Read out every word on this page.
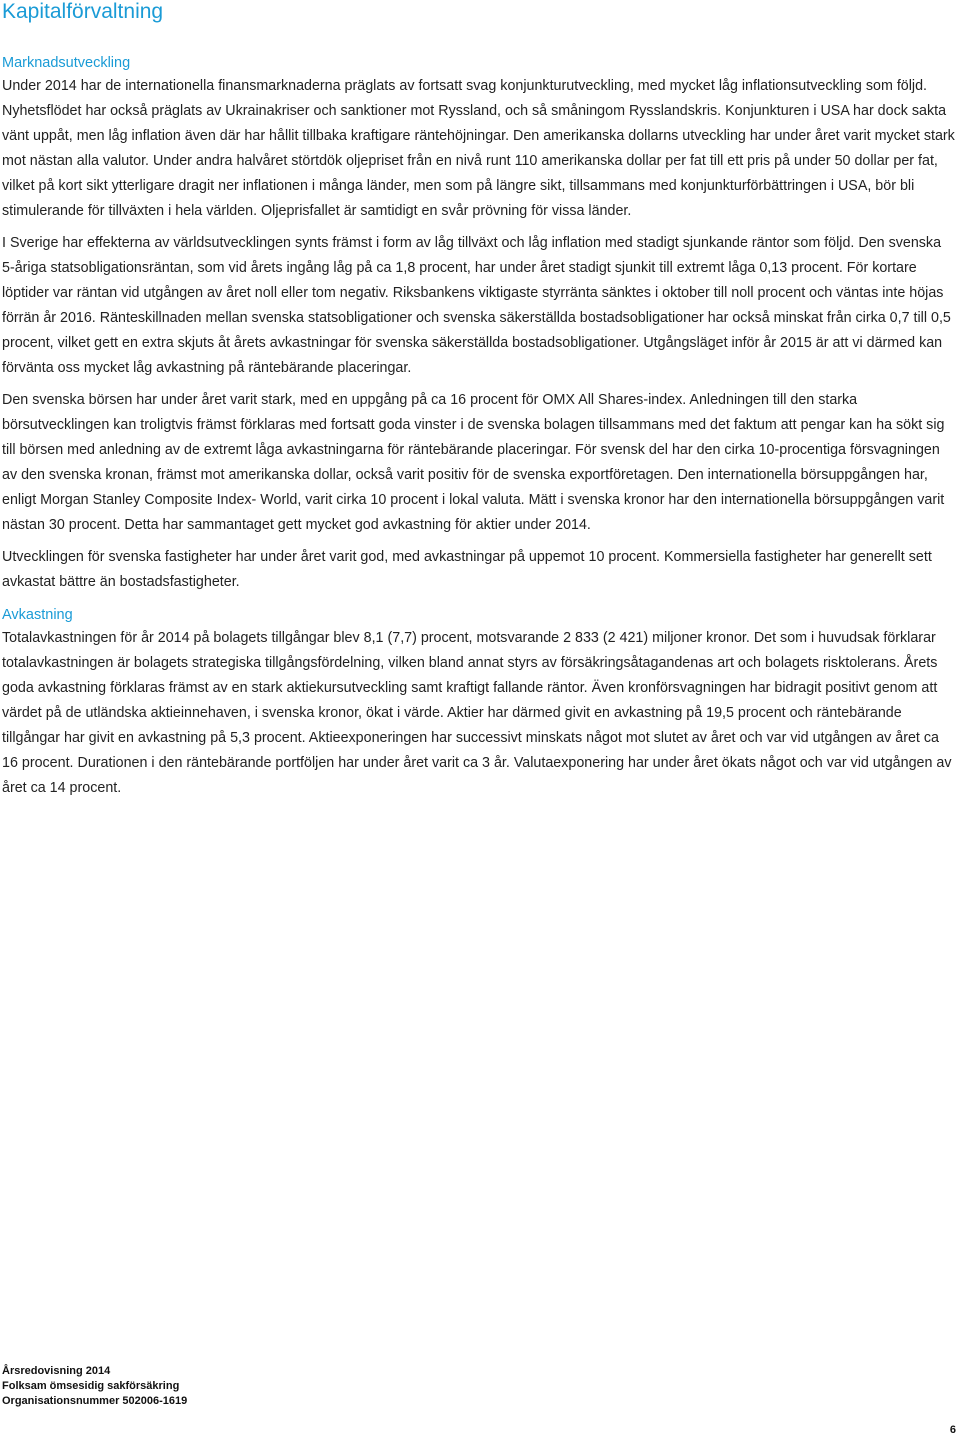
Kapitalförvaltning
Marknadsutveckling

Under 2014 har de internationella finansmarknaderna präglats av fortsatt svag konjunkturutveckling, med mycket låg inflationsutveckling som följd. Nyhetsflödet har också präglats av Ukrainakriser och sanktioner mot Ryssland, och så småningom Rysslandskris. Konjunkturen i USA har dock sakta vänt uppåt, men låg inflation även där har hållit tillbaka kraftigare räntehöjningar. Den amerikanska dollarns utveckling har under året varit mycket stark mot nästan alla valutor. Under andra halvåret störtdök oljepriset från en nivå runt 110 amerikanska dollar per fat till ett pris på under 50 dollar per fat, vilket på kort sikt ytterligare dragit ner inflationen i många länder, men som på längre sikt, tillsammans med konjunkturförbättringen i USA, bör bli stimulerande för tillväxten i hela världen. Oljeprisfallet är samtidigt en svår prövning för vissa länder.

I Sverige har effekterna av världsutvecklingen synts främst i form av låg tillväxt och låg inflation med stadigt sjunkande räntor som följd. Den svenska 5-åriga statsobligationsräntan, som vid årets ingång låg på ca 1,8 procent, har under året stadigt sjunkit till extremt låga 0,13 procent. För kortare löptider var räntan vid utgången av året noll eller tom negativ. Riksbankens viktigaste styrränta sänktes i oktober till noll procent och väntas inte höjas förrän år 2016. Ränteskillnaden mellan svenska statsobligationer och svenska säkerställda bostadsobligationer har också minskat från cirka 0,7 till 0,5 procent, vilket gett en extra skjuts åt årets avkastningar för svenska säkerställda bostadsobligationer. Utgångsläget inför år 2015 är att vi därmed kan förvänta oss mycket låg avkastning på räntebärande placeringar.

Den svenska börsen har under året varit stark, med en uppgång på ca 16 procent för OMX All Shares-index. Anledningen till den starka börsutvecklingen kan troligtvis främst förklaras med fortsatt goda vinster i de svenska bolagen tillsammans med det faktum att pengar kan ha sökt sig till börsen med anledning av de extremt låga avkastningarna för räntebärande placeringar. För svensk del har den cirka 10-procentiga försvagningen av den svenska kronan, främst mot amerikanska dollar, också varit positiv för de svenska exportföretagen. Den internationella börsuppgången har, enligt Morgan Stanley Composite Index- World, varit cirka 10 procent i lokal valuta. Mätt i svenska kronor har den internationella börsuppgången varit nästan 30 procent. Detta har sammantaget gett mycket god avkastning för aktier under 2014.

Utvecklingen för svenska fastigheter har under året varit god, med avkastningar på uppemot 10 procent. Kommersiella fastigheter har generellt sett avkastat bättre än bostadsfastigheter.

Avkastning

Totalavkastningen för år 2014 på bolagets tillgångar blev 8,1 (7,7) procent, motsvarande 2 833 (2 421) miljoner kronor. Det som i huvudsak förklarar totalavkastningen är bolagets strategiska tillgångsfördelning, vilken bland annat styrs av försäkringsåtagandenas art och bolagets risktolerans. Årets goda avkastning förklaras främst av en stark aktiekursutveckling samt kraftigt fallande räntor. Även kronförsvagningen har bidragit positivt genom att värdet på de utländska aktieinnehaven, i svenska kronor, ökat i värde. Aktier har därmed givit en avkastning på 19,5 procent och räntebärande tillgångar har givit en avkastning på 5,3 procent. Aktieexponeringen har successivt minskats något mot slutet av året och var vid utgången av året ca 16 procent. Durationen i den räntebärande portföljen har under året varit ca 3 år. Valutaexponering har under året ökats något och var vid utgången av året ca 14 procent.

Årsredovisning 2014
Folksam ömsesidig sakförsäkring
Organisationsnummer 502006-1619
6
